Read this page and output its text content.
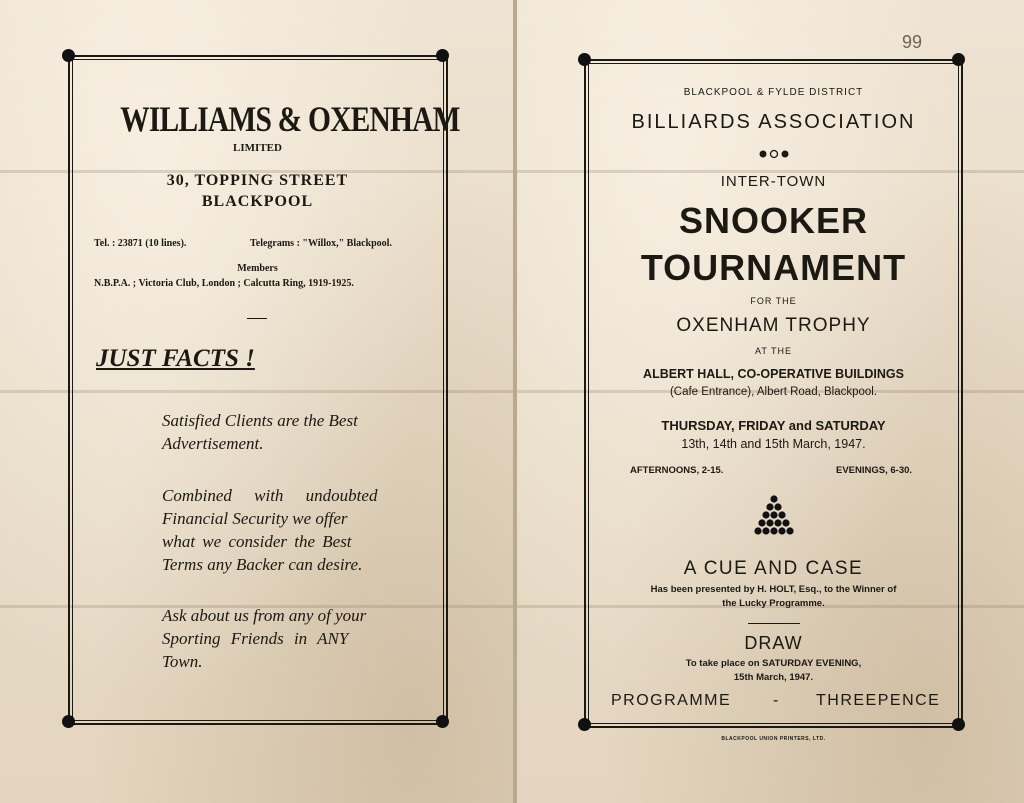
WILLIAMS & OXENHAM
LIMITED
30, TOPPING STREET
BLACKPOOL
Tel. : 23871 (10 lines).	Telegrams : "Willox," Blackpool.
Members
N.B.P.A. ; Victoria Club, London ; Calcutta Ring, 1919-1925.
JUST FACTS !
Satisfied Clients are the Best
Advertisement.
Combined with undoubted
Financial Security we offer
what we consider the Best
Terms any Backer can desire.
Ask about us from any of your
Sporting Friends in ANY
Town.
99
BLACKPOOL & FYLDE DISTRICT
BILLIARDS ASSOCIATION
INTER-TOWN
SNOOKER
TOURNAMENT
FOR THE
OXENHAM TROPHY
AT THE
ALBERT HALL, CO-OPERATIVE BUILDINGS
(Cafe Entrance), Albert Road, Blackpool.
THURSDAY, FRIDAY and SATURDAY
13th, 14th and 15th March, 1947.
AFTERNOONS, 2-15.	EVENINGS, 6-30.
A CUE AND CASE
Has been presented by H. HOLT, Esq., to the Winner of
the Lucky Programme.
DRAW
To take place on SATURDAY EVENING,
15th March, 1947.
PROGRAMME	- THREEPENCE
BLACKPOOL UNION PRINTERS, LTD.
